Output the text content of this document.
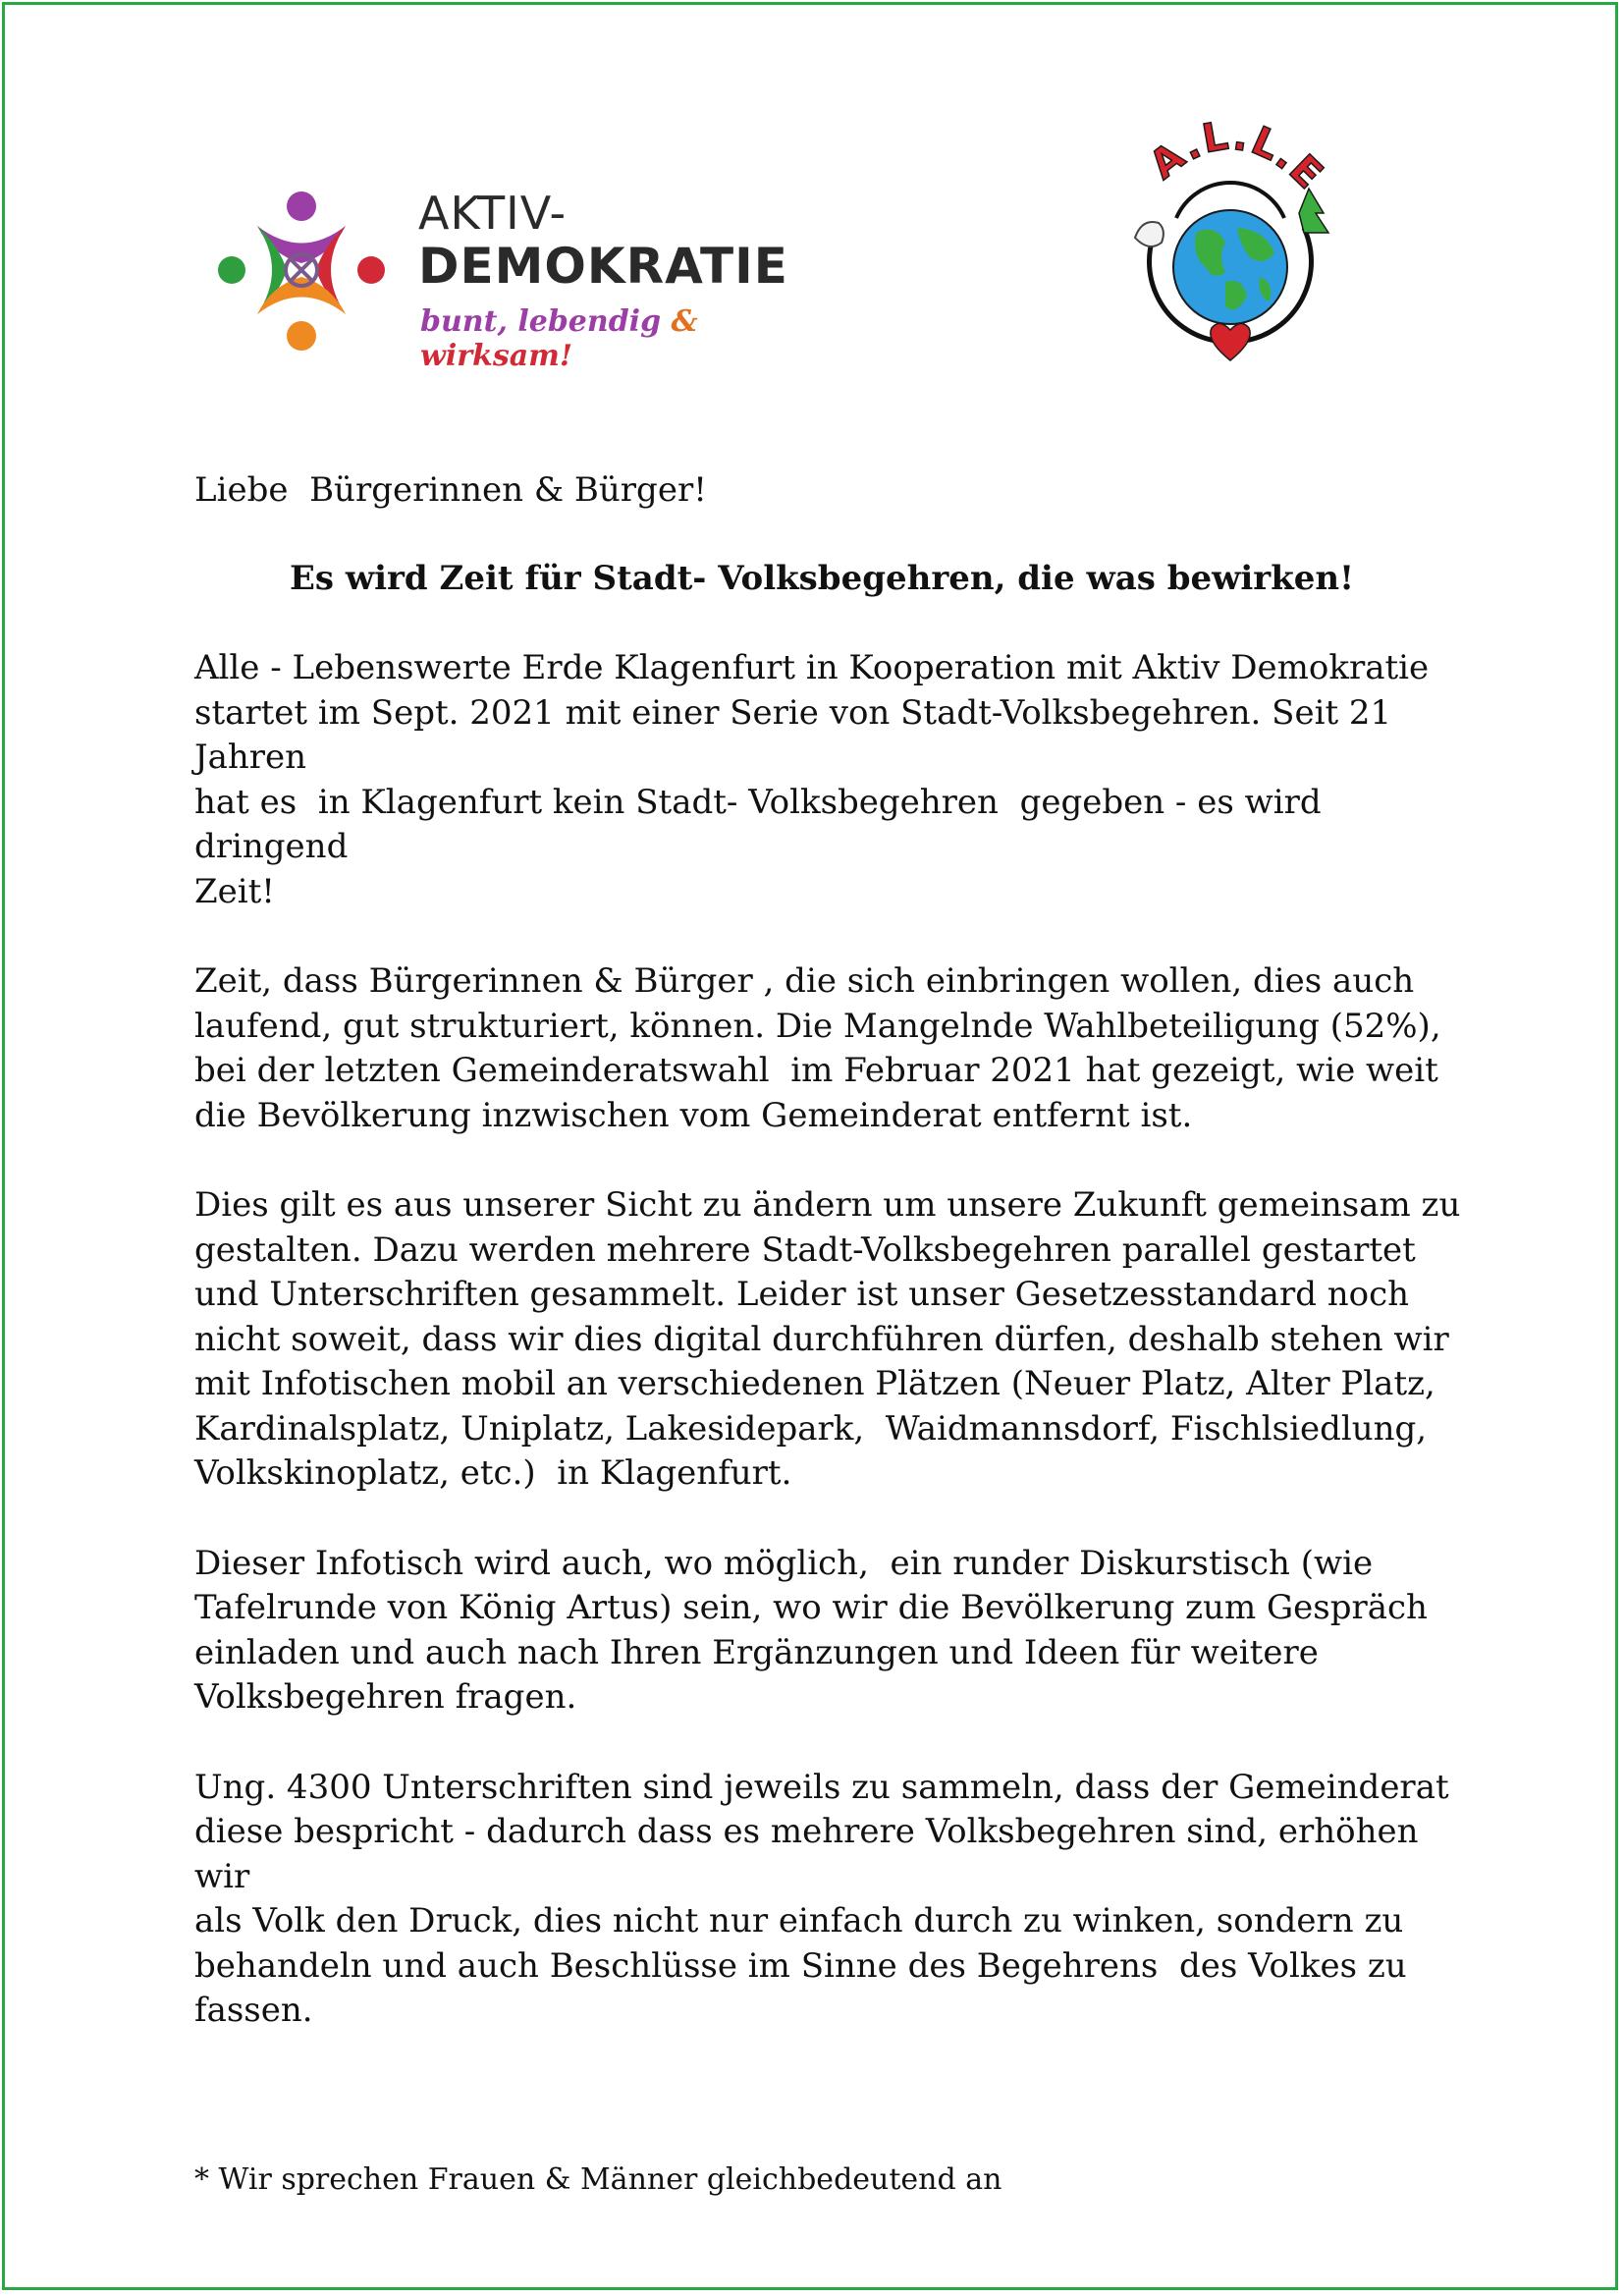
AKTIV-
DEMOKRATIE
bunt, lebendig & wirksam!
A.L.L.E

Liebe  Bürgerinnen & Bürger!

Es wird Zeit für Stadt- Volksbegehren, die was bewirken!

Alle - Lebenswerte Erde Klagenfurt in Kooperation mit Aktiv Demokratie
startet im Sept. 2021 mit einer Serie von Stadt-Volksbegehren. Seit 21 Jahren
hat es  in Klagenfurt kein Stadt- Volksbegehren  gegeben - es wird dringend
Zeit!

Zeit, dass Bürgerinnen & Bürger , die sich einbringen wollen, dies auch
laufend, gut strukturiert, können. Die Mangelnde Wahlbeteiligung (52%),
bei der letzten Gemeinderatswahl  im Februar 2021 hat gezeigt, wie weit
die Bevölkerung inzwischen vom Gemeinderat entfernt ist.

Dies gilt es aus unserer Sicht zu ändern um unsere Zukunft gemeinsam zu
gestalten. Dazu werden mehrere Stadt-Volksbegehren parallel gestartet
und Unterschriften gesammelt. Leider ist unser Gesetzesstandard noch
nicht soweit, dass wir dies digital durchführen dürfen, deshalb stehen wir
mit Infotischen mobil an verschiedenen Plätzen (Neuer Platz, Alter Platz,
Kardinalsplatz, Uniplatz, Lakesidepark,  Waidmannsdorf, Fischlsiedlung,
Volkskinoplatz, etc.)  in Klagenfurt.

Dieser Infotisch wird auch, wo möglich,  ein runder Diskurstisch (wie
Tafelrunde von König Artus) sein, wo wir die Bevölkerung zum Gespräch
einladen und auch nach Ihren Ergänzungen und Ideen für weitere
Volksbegehren fragen.

Ung. 4300 Unterschriften sind jeweils zu sammeln, dass der Gemeinderat
diese bespricht - dadurch dass es mehrere Volksbegehren sind, erhöhen wir
als Volk den Druck, dies nicht nur einfach durch zu winken, sondern zu
behandeln und auch Beschlüsse im Sinne des Begehrens  des Volkes zu
fassen.

* Wir sprechen Frauen & Männer gleichbedeutend an
